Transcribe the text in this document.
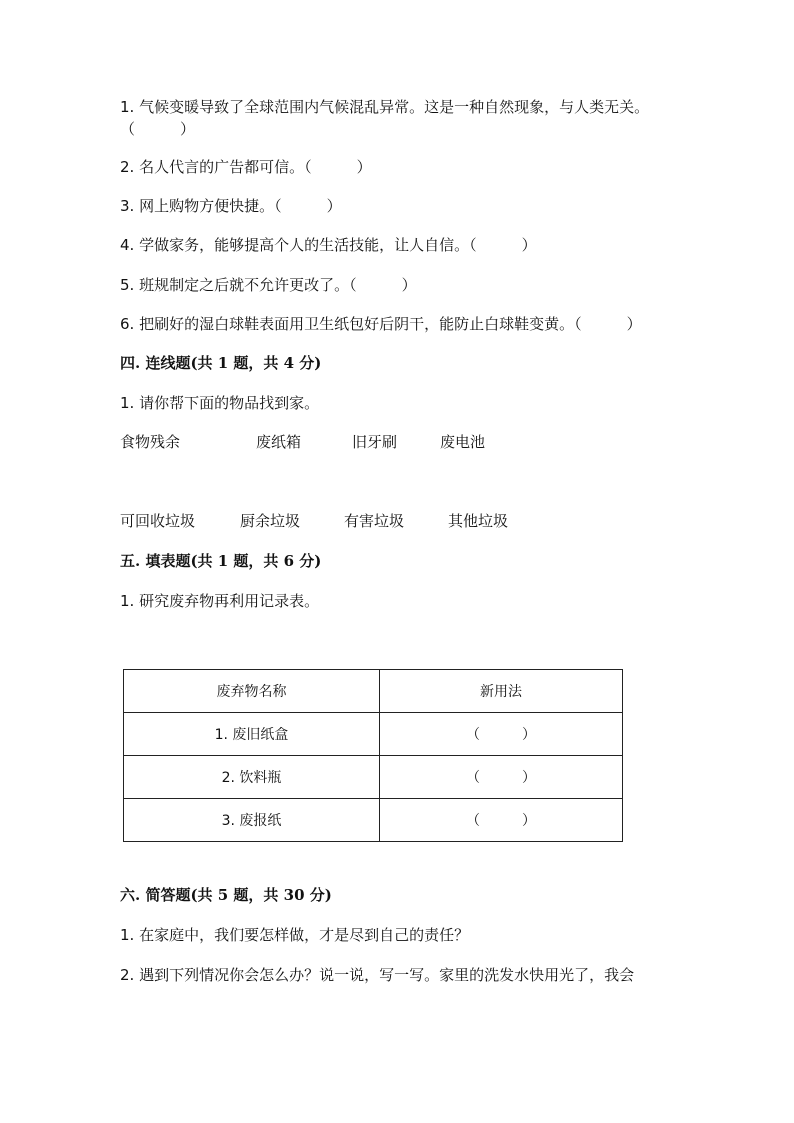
1. 气候变暖导致了全球范围内气候混乱异常。这是一种自然现象，与人类无关。（　　　）
2. 名人代言的广告都可信。（　　　）
3. 网上购物方便快捷。（　　　）
4. 学做家务，能够提高个人的生活技能，让人自信。（　　　）
5. 班规制定之后就不允许更改了。（　　　）
6. 把刷好的湿白球鞋表面用卫生纸包好后阴干，能防止白球鞋变黄。（　　　）
四. 连线题(共 1 题，共 4 分)
1. 请你帮下面的物品找到家。
食物残余	废纸箱	旧牙刷	废电池
可回收垃圾	厨余垃圾	有害垃圾	其他垃圾
五. 填表题(共 1 题，共 6 分)
1. 研究废弃物再利用记录表。
废弃物名称	新用法
1. 废旧纸盒	（　　　）
2. 饮料瓶	（　　　）
3. 废报纸	（　　　）
六. 简答题(共 5 题，共 30 分)
1. 在家庭中，我们要怎样做，才是尽到自己的责任？
2. 遇到下列情况你会怎么办？说一说，写一写。家里的洗发水快用光了，我会
